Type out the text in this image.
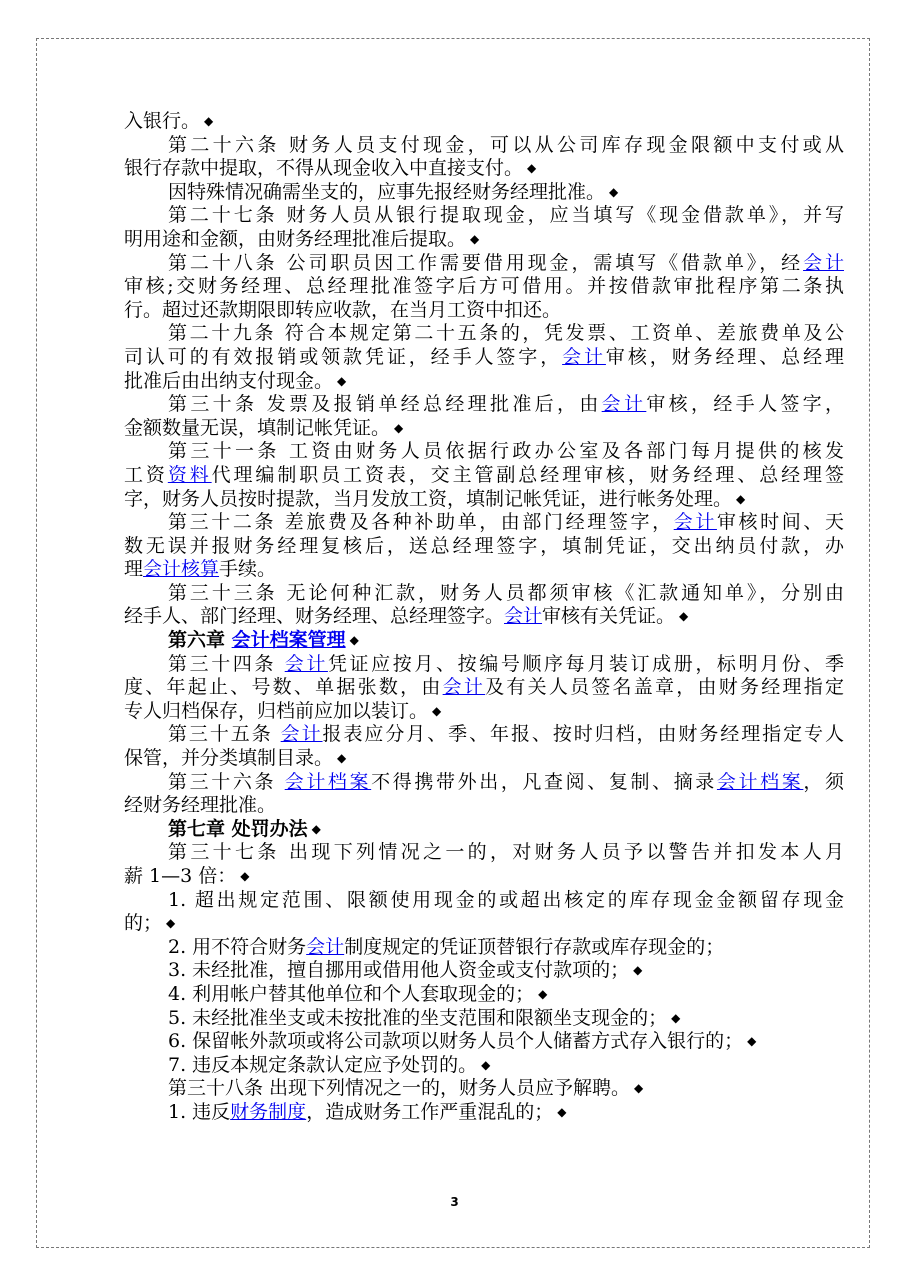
入银行。 ◆
第二十六条 财务人员支付现金，可以从公司库存现金限额中支付或从
银行存款中提取，不得从现金收入中直接支付。 ◆
因特殊情况确需坐支的，应事先报经财务经理批准。 ◆
第二十七条 财务人员从银行提取现金，应当填写《现金借款单》，并写
明用途和金额，由财务经理批准后提取。 ◆
第二十八条 公司职员因工作需要借用现金，需填写《借款单》，经会计
审核;交财务经理、总经理批准签字后方可借用。并按借款审批程序第二条执
行。超过还款期限即转应收款，在当月工资中扣还。
第二十九条 符合本规定第二十五条的，凭发票、工资单、差旅费单及公
司认可的有效报销或领款凭证，经手人签字，会计审核，财务经理、总经理
批准后由出纳支付现金。 ◆
第三十条 发票及报销单经总经理批准后，由会计审核，经手人签字，
金额数量无误，填制记帐凭证。 ◆
第三十一条 工资由财务人员依据行政办公室及各部门每月提供的核发
工资资料代理编制职员工资表，交主管副总经理审核，财务经理、总经理签
字，财务人员按时提款，当月发放工资，填制记帐凭证，进行帐务处理。 ◆
第三十二条 差旅费及各种补助单，由部门经理签字，会计审核时间、天
数无误并报财务经理复核后，送总经理签字，填制凭证，交出纳员付款，办
理会计核算手续。
第三十三条 无论何种汇款，财务人员都须审核《汇款通知单》，分别由
经手人、部门经理、财务经理、总经理签字。会计审核有关凭证。 ◆
第六章 会计档案管理 ◆
第三十四条 会计凭证应按月、按编号顺序每月装订成册，标明月份、季
度、年起止、号数、单据张数，由会计及有关人员签名盖章，由财务经理指定
专人归档保存，归档前应加以装订。 ◆
第三十五条 会计报表应分月、季、年报、按时归档，由财务经理指定专人
保管，并分类填制目录。 ◆
第三十六条 会计档案不得携带外出，凡查阅、复制、摘录会计档案，须
经财务经理批准。
第七章 处罚办法 ◆
第三十七条 出现下列情况之一的，对财务人员予以警告并扣发本人月
薪 1—3 倍： ◆
1. 超出规定范围、限额使用现金的或超出核定的库存现金金额留存现金
的； ◆
2. 用不符合财务会计制度规定的凭证顶替银行存款或库存现金的；
3. 未经批准，擅自挪用或借用他人资金或支付款项的； ◆
4. 利用帐户替其他单位和个人套取现金的； ◆
5. 未经批准坐支或未按批准的坐支范围和限额坐支现金的； ◆
6. 保留帐外款项或将公司款项以财务人员个人储蓄方式存入银行的； ◆
7. 违反本规定条款认定应予处罚的。 ◆
第三十八条 出现下列情况之一的，财务人员应予解聘。 ◆
1. 违反财务制度，造成财务工作严重混乱的； ◆
3
